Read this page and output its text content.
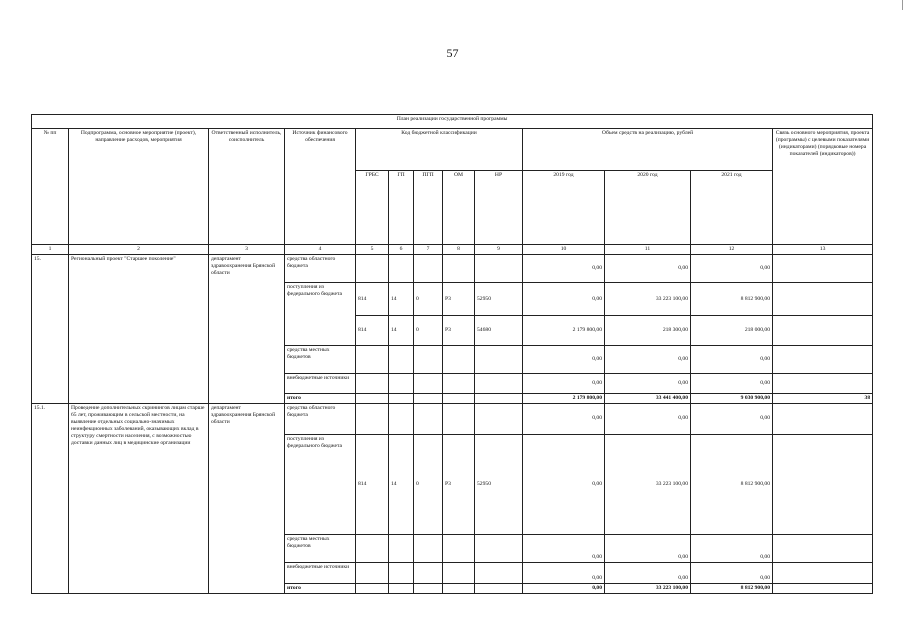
57
План реализации государственной программы												
№ пп	Подпрограмма, основное мероприятие (проект), направление расходов, мероприятия	Ответственный исполнитель, соисполнитель	Источник финансового обеспечения	Код бюджетной классификации					Объем средств на реализацию, рублей			Связь основного мероприятия, проекта (программы) с целевыми показателями (индикаторами) (порядковые номера показателей (индикаторов))
				ГРБС	ГП	ПГП	ОМ	НР	2019 год	2020 год	2021 год	
1	2	3	4	5	6	7	8	9	10	11	12	13
15.	Региональный проект "Старшее поколение"	департамент здравоохранения Брянской области	средства областного бюджета						0,00	0,00	0,00	
			поступления из федерального бюджета	814	14	0	P3	52950	0,00	33 223 100,00	8 812 900,00	
				814	14	0	P3	54680	2 179 800,00	218 300,00	218 000,00	
			средства местных бюджетов						0,00	0,00	0,00	
			внебюджетные источники						0,00	0,00	0,00	
			итого						2 179 800,00	33 441 400,00	9 030 900,00	38
15.1.	Проведение дополнительных скринингов лицам старше 65 лет, проживающим в сельской местности, на выявление отдельных социально-значимых неинфекционных заболеваний, оказывающих вклад в структуру смертности населения, с возможностью доставки данных лиц в медицинские организации	департамент здравоохранения Брянской области	средства областного бюджета						0,00	0,00	0,00	
			поступления из федерального бюджета	814	14	0	P3	52950	0,00	33 223 100,00	8 812 900,00	
			средства местных бюджетов						0,00	0,00	0,00	
			внебюджетные источники						0,00	0,00	0,00	
			итого						0,00	33 223 100,00	8 812 900,00	
